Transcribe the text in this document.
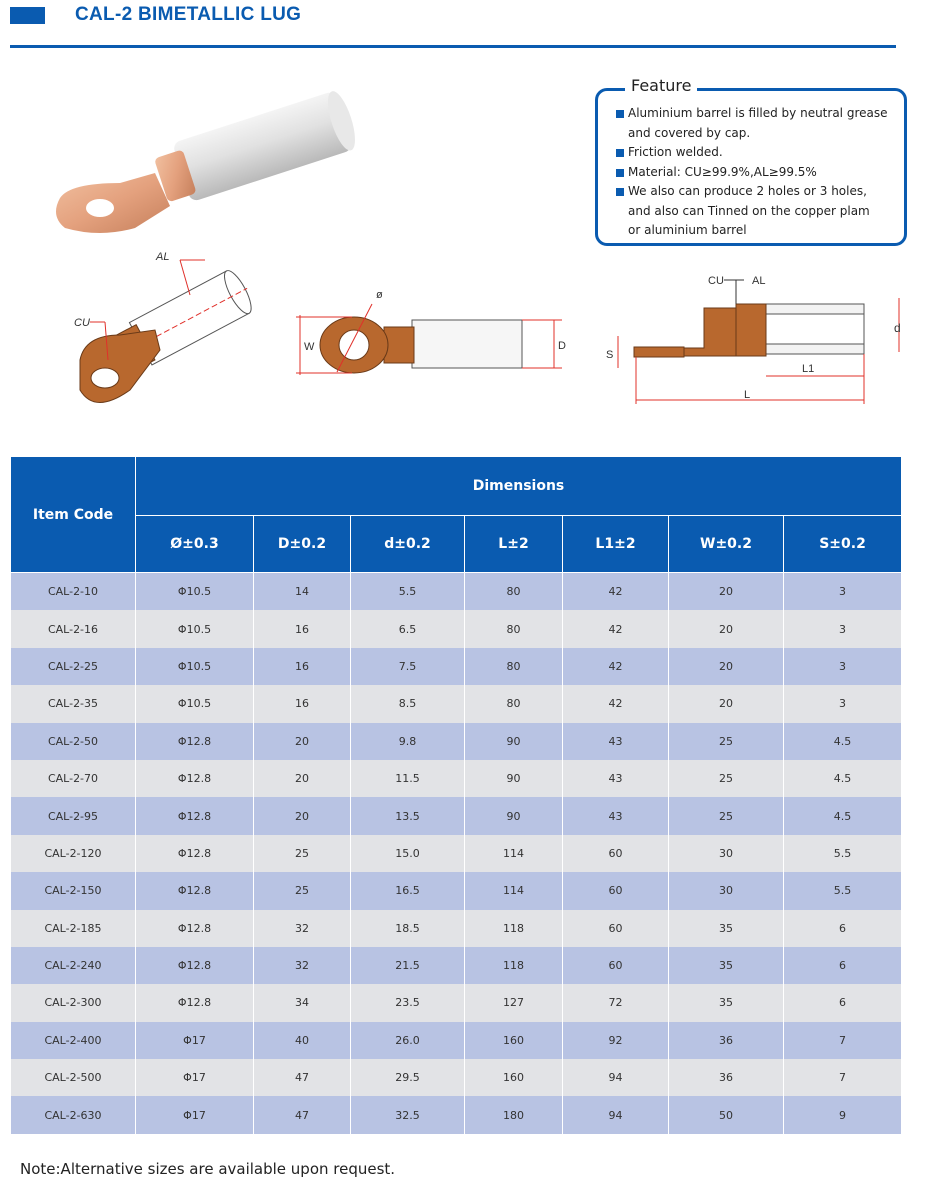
CAL-2 BIMETALLIC LUG
AL
CU
ø
W	D
CU	AL
d
S
L1
L
Feature
Aluminium barrel is filled by neutral grease
and covered by cap.
Friction welded.
Material: CU≥99.9%,AL≥99.5%
We also can produce 2 holes or 3 holes,
and also can Tinned on the copper plam
or aluminium barrel
Item Code	Dimensions						
	Ø±0.3	D±0.2	d±0.2	L±2	L1±2	W±0.2	S±0.2
CAL-2-10	Φ10.5	14	5.5	80	42	20	3
CAL-2-16	Φ10.5	16	6.5	80	42	20	3
CAL-2-25	Φ10.5	16	7.5	80	42	20	3
CAL-2-35	Φ10.5	16	8.5	80	42	20	3
CAL-2-50	Φ12.8	20	9.8	90	43	25	4.5
CAL-2-70	Φ12.8	20	11.5	90	43	25	4.5
CAL-2-95	Φ12.8	20	13.5	90	43	25	4.5
CAL-2-120	Φ12.8	25	15.0	114	60	30	5.5
CAL-2-150	Φ12.8	25	16.5	114	60	30	5.5
CAL-2-185	Φ12.8	32	18.5	118	60	35	6
CAL-2-240	Φ12.8	32	21.5	118	60	35	6
CAL-2-300	Φ12.8	34	23.5	127	72	35	6
CAL-2-400	Φ17	40	26.0	160	92	36	7
CAL-2-500	Φ17	47	29.5	160	94	36	7
CAL-2-630	Φ17	47	32.5	180	94	50	9
Note:Alternative sizes are available upon request.
